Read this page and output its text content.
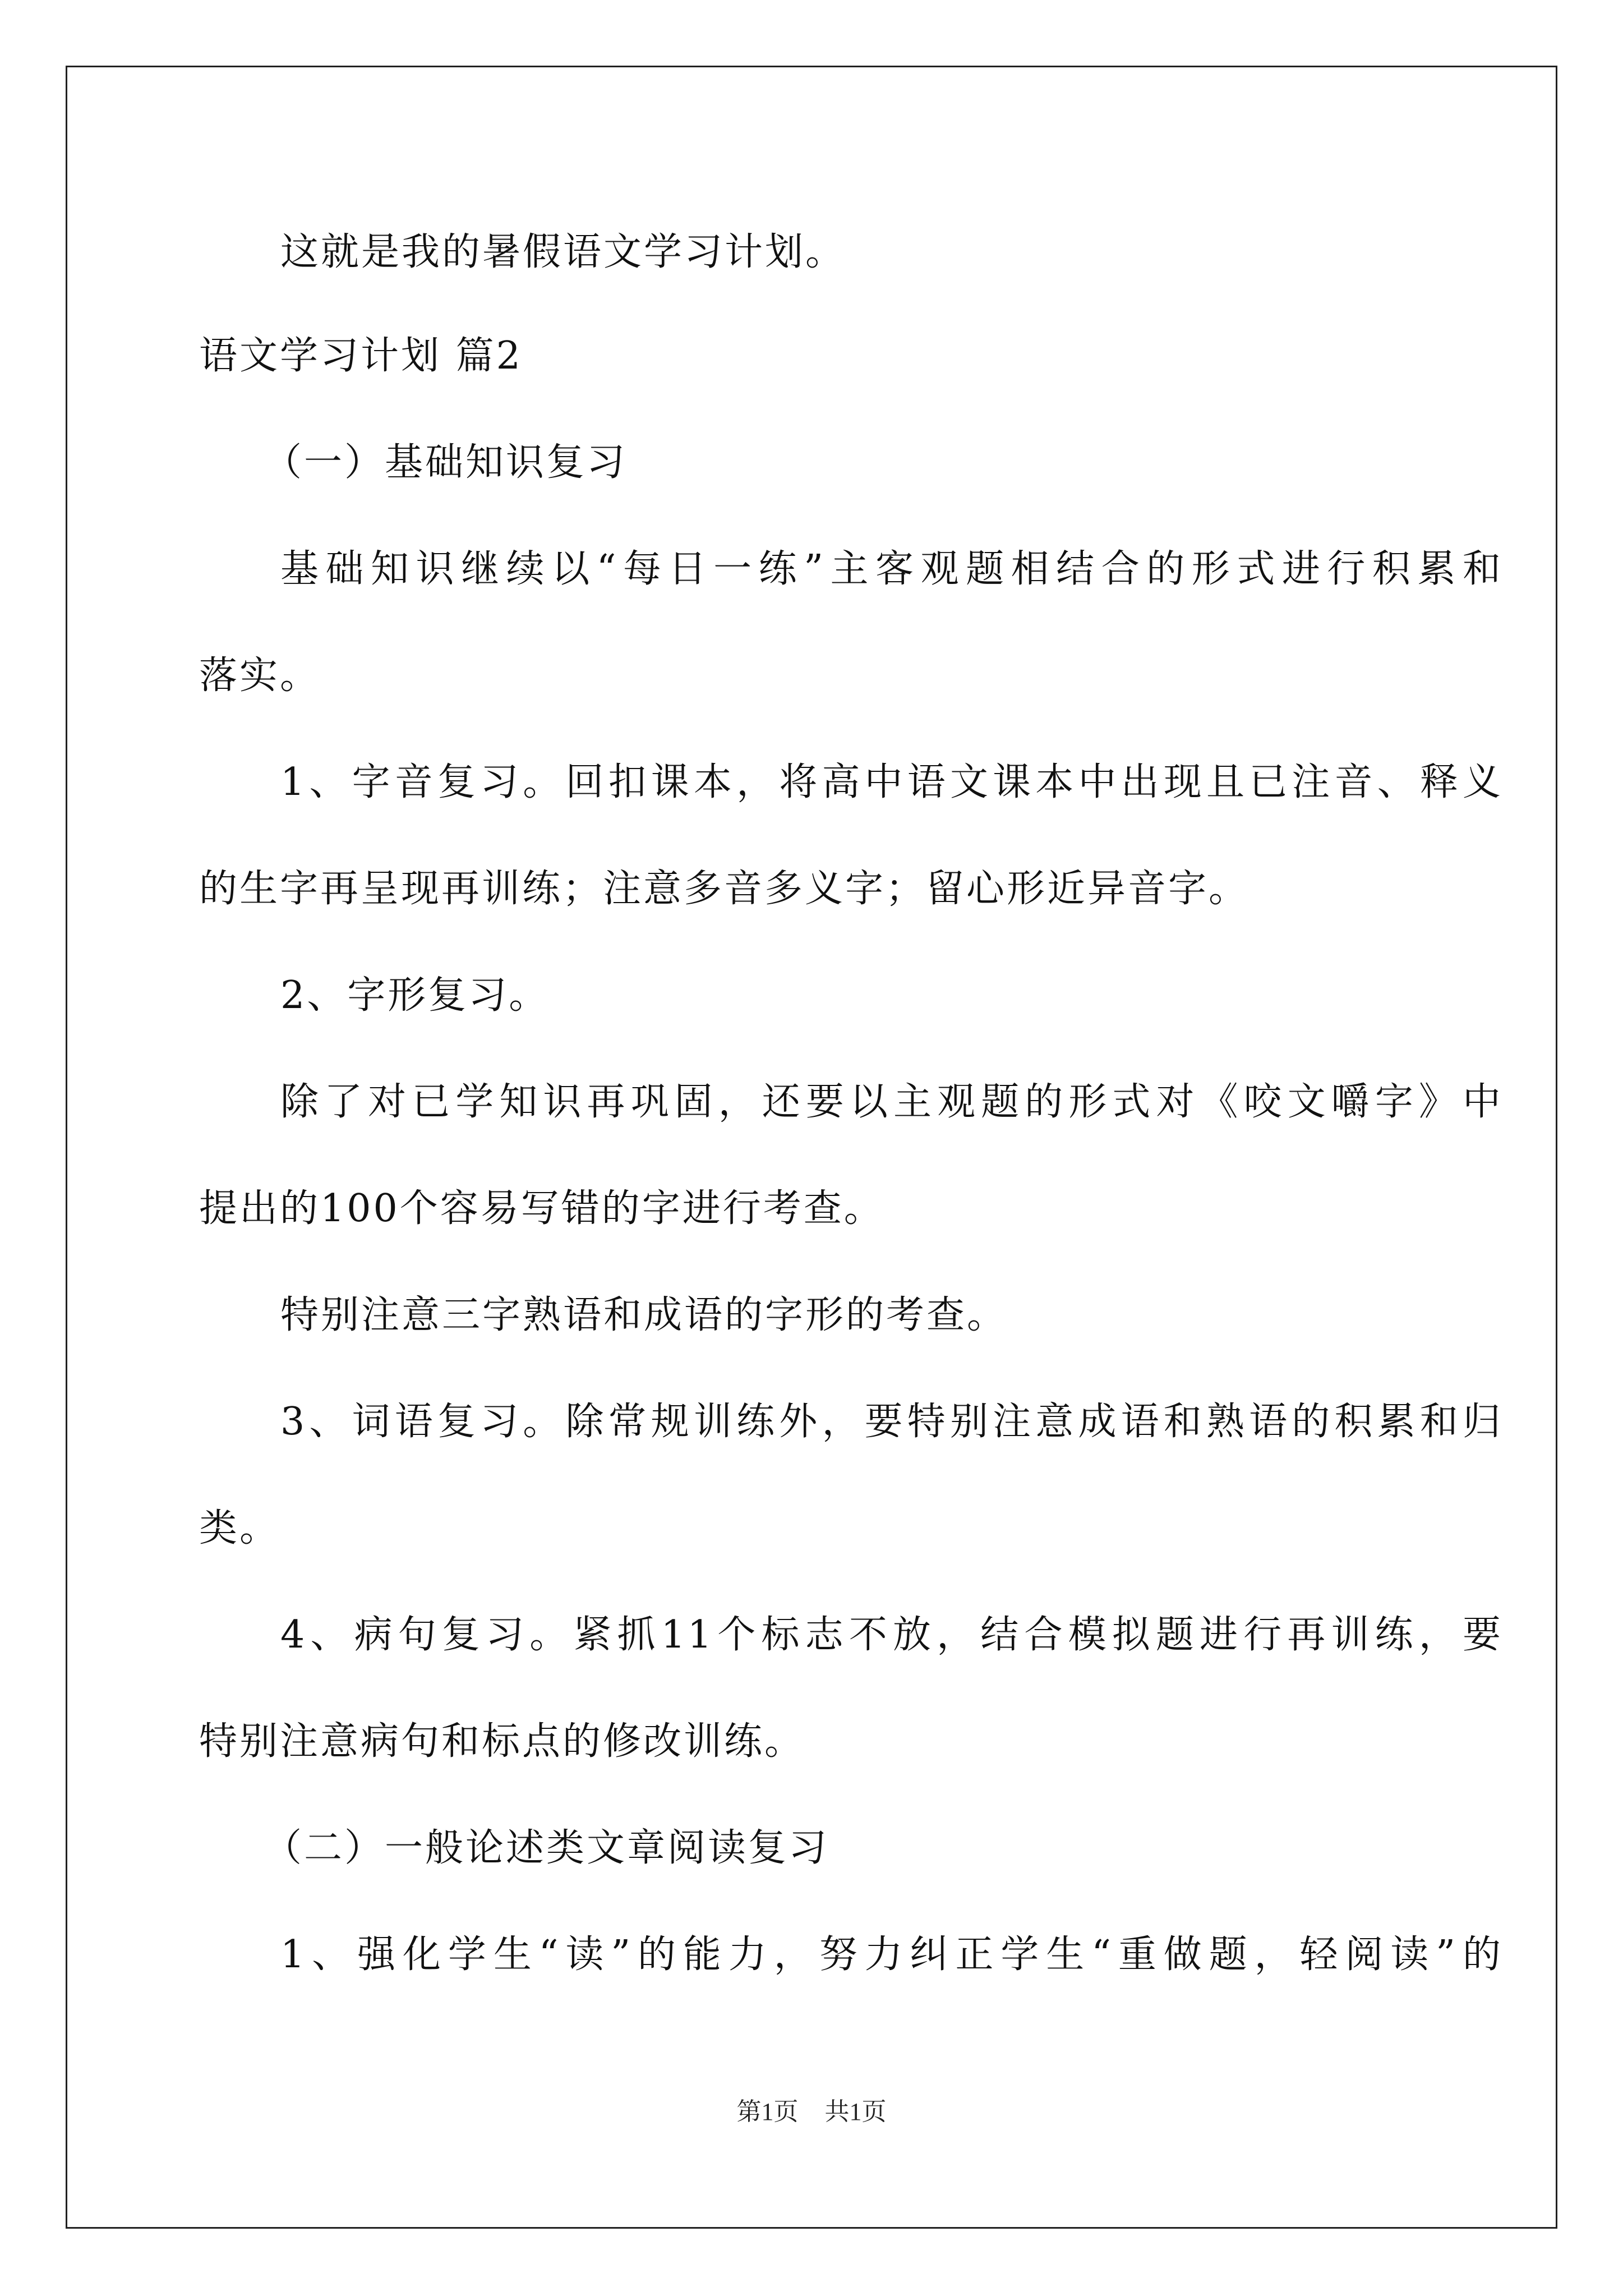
这就是我的暑假语文学习计划。
语文学习计划 篇2
（一）基础知识复习
基础知识继续以“每日一练”主客观题相结合的形式进行积累和
落实。
1、字音复习。回扣课本，将高中语文课本中出现且已注音、释义
的生字再呈现再训练；注意多音多义字；留心形近异音字。
2、字形复习。
除了对已学知识再巩固，还要以主观题的形式对《咬文嚼字》中
提出的100个容易写错的字进行考查。
特别注意三字熟语和成语的字形的考查。
3、词语复习。除常规训练外，要特别注意成语和熟语的积累和归
类。
4、病句复习。紧抓11个标志不放，结合模拟题进行再训练，要
特别注意病句和标点的修改训练。
（二）一般论述类文章阅读复习
1、强化学生“读”的能力，努力纠正学生“重做题，轻阅读”的
第1页 共1页
